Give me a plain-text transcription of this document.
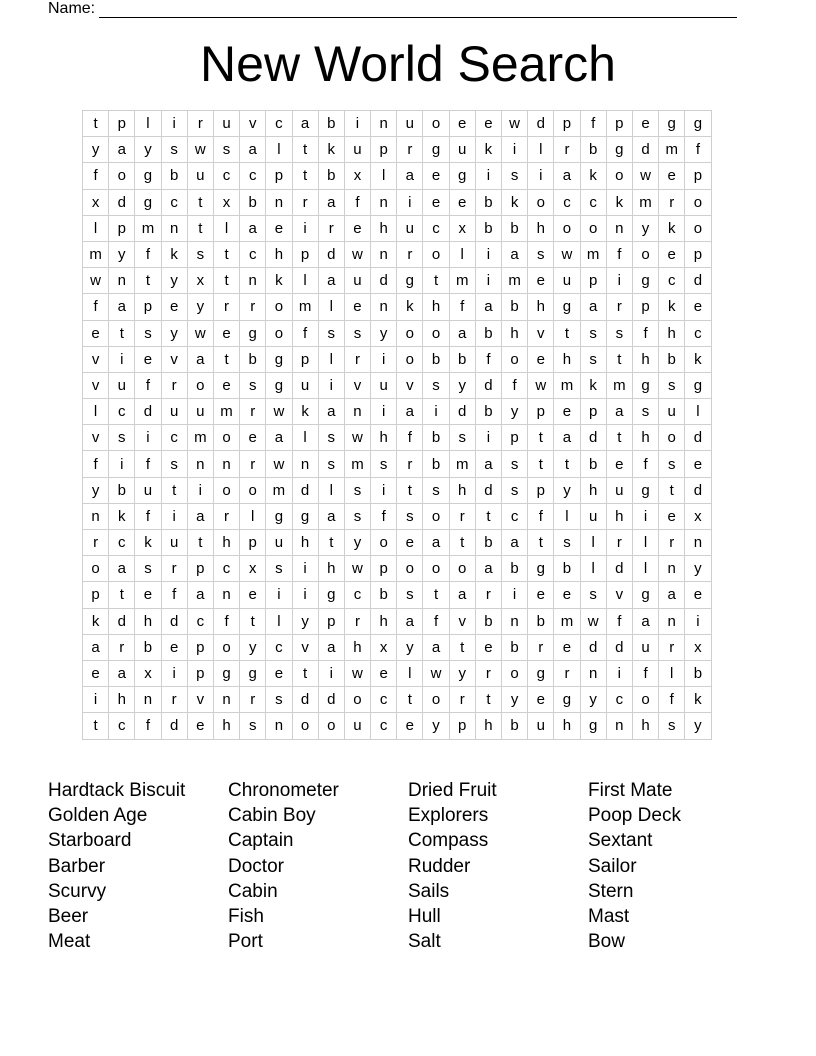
Name:
New World Search
t	p	l	i	r	u	v	c	a	b	i	n	u	o	e	e	w	d	p	f	p	e	g	g
y	a	y	s	w	s	a	l	t	k	u	p	r	g	u	k	i	l	r	b	g	d	m	f
f	o	g	b	u	c	c	p	t	b	x	l	a	e	g	i	s	i	a	k	o	w	e	p
x	d	g	c	t	x	b	n	r	a	f	n	i	e	e	b	k	o	c	c	k	m	r	o
l	p	m	n	t	l	a	e	i	r	e	h	u	c	x	b	b	h	o	o	n	y	k	o
m	y	f	k	s	t	c	h	p	d	w	n	r	o	l	i	a	s	w	m	f	o	e	p
w	n	t	y	x	t	n	k	l	a	u	d	g	t	m	i	m	e	u	p	i	g	c	d
f	a	p	e	y	r	r	o	m	l	e	n	k	h	f	a	b	h	g	a	r	p	k	e
e	t	s	y	w	e	g	o	f	s	s	y	o	o	a	b	h	v	t	s	s	f	h	c
v	i	e	v	a	t	b	g	p	l	r	i	o	b	b	f	o	e	h	s	t	h	b	k
v	u	f	r	o	e	s	g	u	i	v	u	v	s	y	d	f	w	m	k	m	g	s	g
l	c	d	u	u	m	r	w	k	a	n	i	a	i	d	b	y	p	e	p	a	s	u	l
v	s	i	c	m	o	e	a	l	s	w	h	f	b	s	i	p	t	a	d	t	h	o	d
f	i	f	s	n	n	r	w	n	s	m	s	r	b	m	a	s	t	t	b	e	f	s	e
y	b	u	t	i	o	o	m	d	l	s	i	t	s	h	d	s	p	y	h	u	g	t	d
n	k	f	i	a	r	l	g	g	a	s	f	s	o	r	t	c	f	l	u	h	i	e	x
r	c	k	u	t	h	p	u	h	t	y	o	e	a	t	b	a	t	s	l	r	l	r	n
o	a	s	r	p	c	x	s	i	h	w	p	o	o	o	a	b	g	b	l	d	l	n	y
p	t	e	f	a	n	e	i	i	g	c	b	s	t	a	r	i	e	e	s	v	g	a	e
k	d	h	d	c	f	t	l	y	p	r	h	a	f	v	b	n	b	m	w	f	a	n	i
a	r	b	e	p	o	y	c	v	a	h	x	y	a	t	e	b	r	e	d	d	u	r	x
e	a	x	i	p	g	g	e	t	i	w	e	l	w	y	r	o	g	r	n	i	f	l	b
i	h	n	r	v	n	r	s	d	d	o	c	t	o	r	t	y	e	g	y	c	o	f	k
t	c	f	d	e	h	s	n	o	o	u	c	e	y	p	h	b	u	h	g	n	h	s	y
Hardtack Biscuit	Chronometer	Dried Fruit	First Mate
Golden Age	Cabin Boy	Explorers	Poop Deck
Starboard	Captain	Compass	Sextant
Barber	Doctor	Rudder	Sailor
Scurvy	Cabin	Sails	Stern
Beer	Fish	Hull	Mast
Meat	Port	Salt	Bow
